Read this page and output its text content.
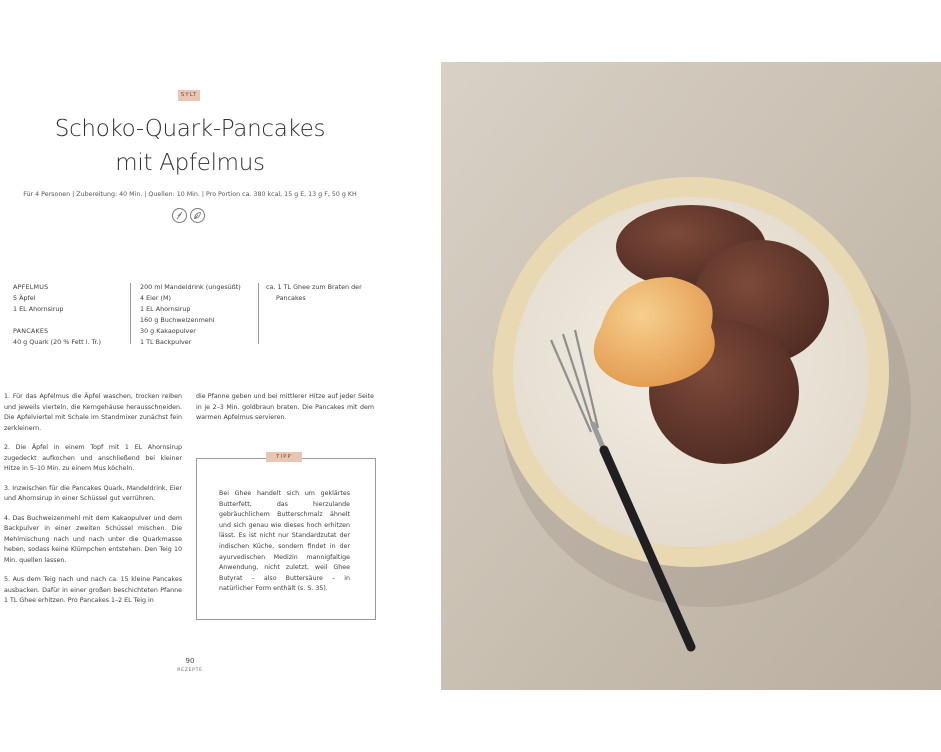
SYLT
Schoko-Quark-Pancakes
mit Apfelmus
Für 4 Personen | Zubereitung: 40 Min. | Quellen: 10 Min. | Pro Portion ca. 380 kcal, 15 g E, 13 g F, 50 g KH
APFELMUS
5 Äpfel
1 EL Ahornsirup
PANCAKES
40 g Quark (20 % Fett i. Tr.)
200 ml Mandeldrink (ungesüßt)
4 Eier (M)
1 EL Ahornsirup
160 g Buchweizenmehl
30 g Kakaopulver
1 TL Backpulver
ca. 1 TL Ghee zum Braten der
Pancakes

1. Für das Apfelmus die Äpfel waschen, trocken reiben und jeweils vierteln, die Kerngehäuse herausschneiden. Die Apfelviertel mit Schale im Standmixer zunächst fein zerkleinern.

2. Die Äpfel in einem Topf mit 1 EL Ahornsirup zugedeckt aufkochen und anschließend bei kleiner Hitze in 5–10 Min. zu einem Mus köcheln.

3. Inzwischen für die Pancakes Quark, Mandeldrink, Eier und Ahornsirup in einer Schüssel gut verrühren.

4. Das Buchweizenmehl mit dem Kakaopulver und dem Backpulver in einer zweiten Schüssel mischen. Die Mehlmischung nach und nach unter die Quarkmasse heben, sodass keine Klümpchen entstehen. Den Teig 10 Min. quellen lassen.

5. Aus dem Teig nach und nach ca. 15 kleine Pancakes ausbacken. Dafür in einer großen beschichteten Pfanne 1 TL Ghee erhitzen. Pro Pancakes 1–2 EL Teig in

die Pfanne geben und bei mittlerer Hitze auf jeder Seite in je 2–3 Min. goldbraun braten. Die Pancakes mit dem warmen Apfelmus servieren.

TIPP
Bei Ghee handelt sich um geklärtes Butterfett, das hierzulande gebräuchlichem Butterschmalz ähnelt und sich genau wie dieses hoch erhitzen lässt. Es ist nicht nur Standardzutat der indischen Küche, sondern findet in der ayurvedischen Medizin mannigfaltige Anwendung, nicht zuletzt, weil Ghee Butyrat – also Buttersäure – in natürlicher Form enthält (s. S. 35).
90
REZEPTE
